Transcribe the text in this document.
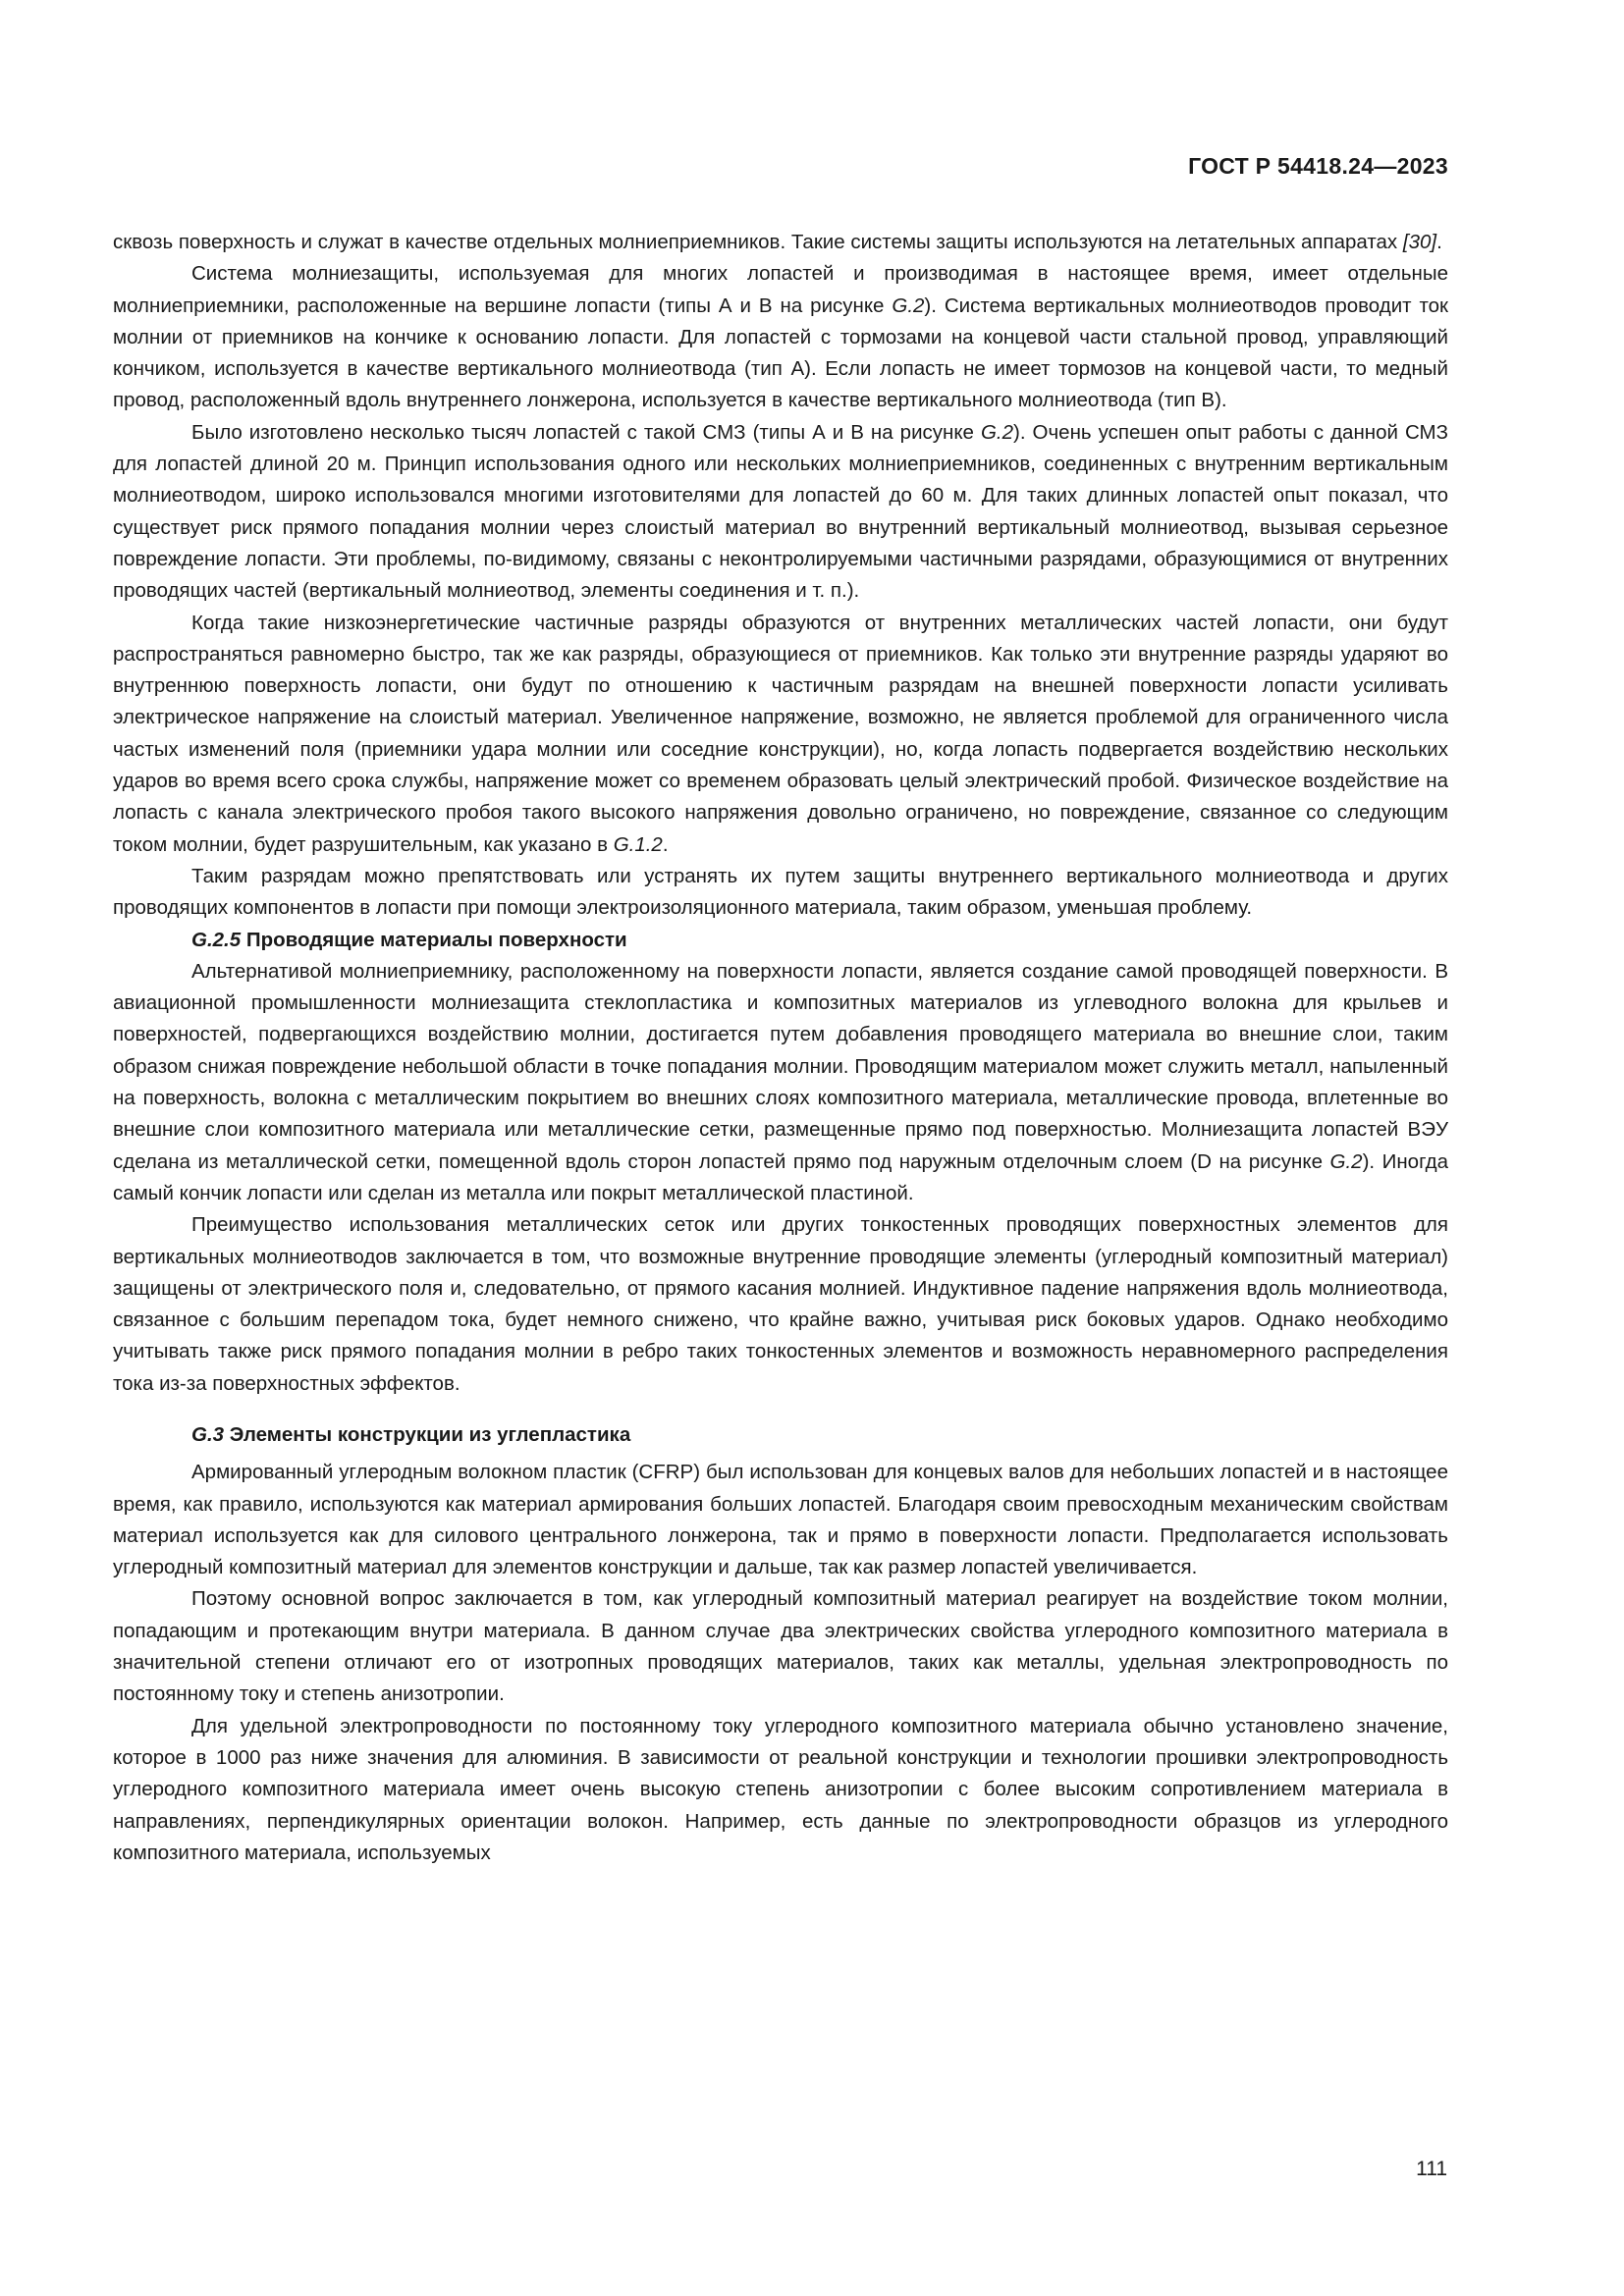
ГОСТ Р 54418.24—2023

сквозь поверхность и служат в качестве отдельных молниеприемников. Такие системы защиты используются на летательных аппаратах [30].

Система молниезащиты, используемая для многих лопастей и производимая в настоящее время, имеет отдельные молниеприемники, расположенные на вершине лопасти (типы А и В на рисунке G.2). Система вертикальных молниеотводов проводит ток молнии от приемников на кончике к основанию лопасти. Для лопастей с тормозами на концевой части стальной провод, управляющий кончиком, используется в качестве вертикального молниеотвода (тип А). Если лопасть не имеет тормозов на концевой части, то медный провод, расположенный вдоль внутреннего лонжерона, используется в качестве вертикального молниеотвода (тип В).

Было изготовлено несколько тысяч лопастей с такой СМЗ (типы А и В на рисунке G.2). Очень успешен опыт работы с данной СМЗ для лопастей длиной 20 м. Принцип использования одного или нескольких молниеприемников, соединенных с внутренним вертикальным молниеотводом, широко использовался многими изготовителями для лопастей до 60 м. Для таких длинных лопастей опыт показал, что существует риск прямого попадания молнии через слоистый материал во внутренний вертикальный молниеотвод, вызывая серьезное повреждение лопасти. Эти проблемы, по-видимому, связаны с неконтролируемыми частичными разрядами, образующимися от внутренних проводящих частей (вертикальный молниеотвод, элементы соединения и т. п.).

Когда такие низкоэнергетические частичные разряды образуются от внутренних металлических частей лопасти, они будут распространяться равномерно быстро, так же как разряды, образующиеся от приемников. Как только эти внутренние разряды ударяют во внутреннюю поверхность лопасти, они будут по отношению к частичным разрядам на внешней поверхности лопасти усиливать электрическое напряжение на слоистый материал. Увеличенное напряжение, возможно, не является проблемой для ограниченного числа частых изменений поля (приемники удара молнии или соседние конструкции), но, когда лопасть подвергается воздействию нескольких ударов во время всего срока службы, напряжение может со временем образовать целый электрический пробой. Физическое воздействие на лопасть с канала электрического пробоя такого высокого напряжения довольно ограничено, но повреждение, связанное со следующим током молнии, будет разрушительным, как указано в G.1.2.

Таким разрядам можно препятствовать или устранять их путем защиты внутреннего вертикального молниеотвода и других проводящих компонентов в лопасти при помощи электроизоляционного материала, таким образом, уменьшая проблему.

G.2.5 Проводящие материалы поверхности

Альтернативой молниеприемнику, расположенному на поверхности лопасти, является создание самой проводящей поверхности. В авиационной промышленности молниезащита стеклопластика и композитных материалов из углеводного волокна для крыльев и поверхностей, подвергающихся воздействию молнии, достигается путем добавления проводящего материала во внешние слои, таким образом снижая повреждение небольшой области в точке попадания молнии. Проводящим материалом может служить металл, напыленный на поверхность, волокна с металлическим покрытием во внешних слоях композитного материала, металлические провода, вплетенные во внешние слои композитного материала или металлические сетки, размещенные прямо под поверхностью. Молниезащита лопастей ВЭУ сделана из металлической сетки, помещенной вдоль сторон лопастей прямо под наружным отделочным слоем (D на рисунке G.2). Иногда самый кончик лопасти или сделан из металла или покрыт металлической пластиной.

Преимущество использования металлических сеток или других тонкостенных проводящих поверхностных элементов для вертикальных молниеотводов заключается в том, что возможные внутренние проводящие элементы (углеродный композитный материал) защищены от электрического поля и, следовательно, от прямого касания молнией. Индуктивное падение напряжения вдоль молниеотвода, связанное с большим перепадом тока, будет немного снижено, что крайне важно, учитывая риск боковых ударов. Однако необходимо учитывать также риск прямого попадания молнии в ребро таких тонкостенных элементов и возможность неравномерного распределения тока из-за поверхностных эффектов.

G.3 Элементы конструкции из углепластика

Армированный углеродным волокном пластик (CFRP) был использован для концевых валов для небольших лопастей и в настоящее время, как правило, используются как материал армирования больших лопастей. Благодаря своим превосходным механическим свойствам материал используется как для силового центрального лонжерона, так и прямо в поверхности лопасти. Предполагается использовать углеродный композитный материал для элементов конструкции и дальше, так как размер лопастей увеличивается.

Поэтому основной вопрос заключается в том, как углеродный композитный материал реагирует на воздействие током молнии, попадающим и протекающим внутри материала. В данном случае два электрических свойства углеродного композитного материала в значительной степени отличают его от изотропных проводящих материалов, таких как металлы, удельная электропроводность по постоянному току и степень анизотропии.

Для удельной электропроводности по постоянному току углеродного композитного материала обычно установлено значение, которое в 1000 раз ниже значения для алюминия. В зависимости от реальной конструкции и технологии прошивки электропроводность углеродного композитного материала имеет очень высокую степень анизотропии с более высоким сопротивлением материала в направлениях, перпендикулярных ориентации волокон. Например, есть данные по электропроводности образцов из углеродного композитного материала, используемых

111
